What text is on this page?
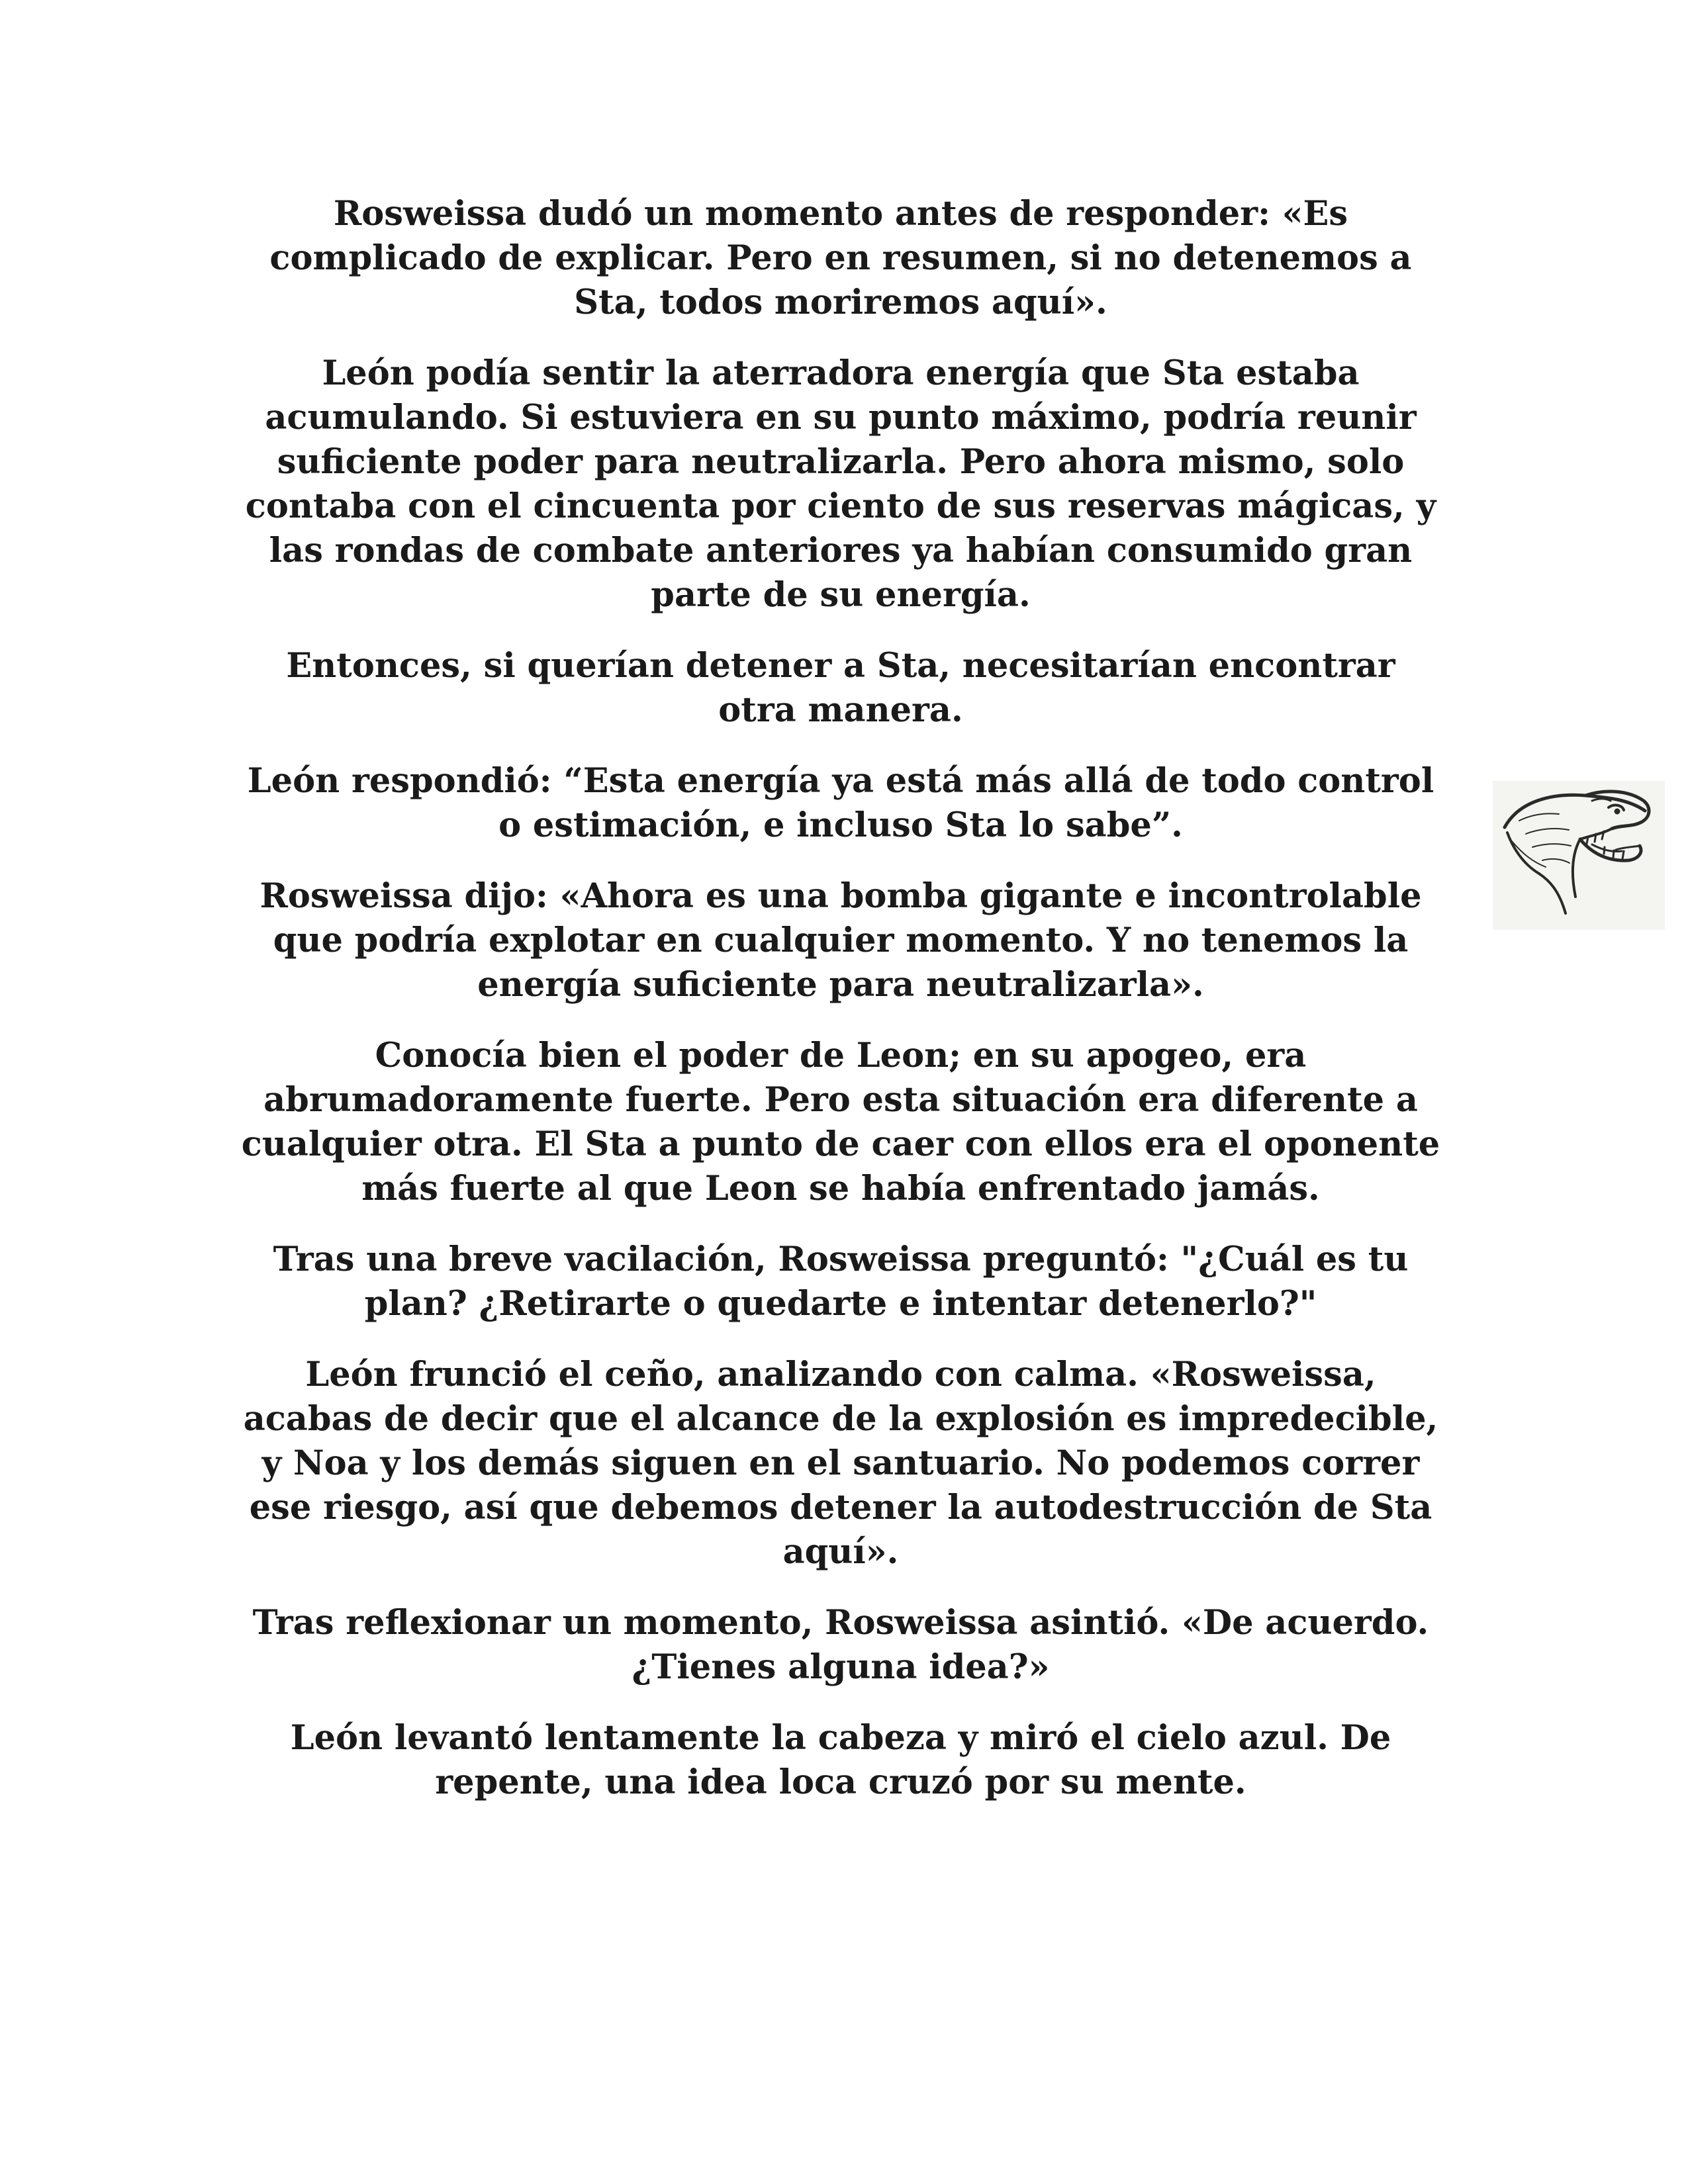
Rosweissa dudó un momento antes de responder: «Es
complicado de explicar. Pero en resumen, si no detenemos a
Sta, todos moriremos aquí».

León podía sentir la aterradora energía que Sta estaba
acumulando. Si estuviera en su punto máximo, podría reunir
suficiente poder para neutralizarla. Pero ahora mismo, solo
contaba con el cincuenta por ciento de sus reservas mágicas, y
las rondas de combate anteriores ya habían consumido gran
parte de su energía.

Entonces, si querían detener a Sta, necesitarían encontrar
otra manera.

León respondió: “Esta energía ya está más allá de todo control
o estimación, e incluso Sta lo sabe”.

Rosweissa dijo: «Ahora es una bomba gigante e incontrolable
que podría explotar en cualquier momento. Y no tenemos la
energía suficiente para neutralizarla».

Conocía bien el poder de Leon; en su apogeo, era
abrumadoramente fuerte. Pero esta situación era diferente a
cualquier otra. El Sta a punto de caer con ellos era el oponente
más fuerte al que Leon se había enfrentado jamás.

Tras una breve vacilación, Rosweissa preguntó: "¿Cuál es tu
plan? ¿Retirarte o quedarte e intentar detenerlo?"

León frunció el ceño, analizando con calma. «Rosweissa,
acabas de decir que el alcance de la explosión es impredecible,
y Noa y los demás siguen en el santuario. No podemos correr
ese riesgo, así que debemos detener la autodestrucción de Sta
aquí».

Tras reflexionar un momento, Rosweissa asintió. «De acuerdo.
¿Tienes alguna idea?»

León levantó lentamente la cabeza y miró el cielo azul. De
repente, una idea loca cruzó por su mente.
